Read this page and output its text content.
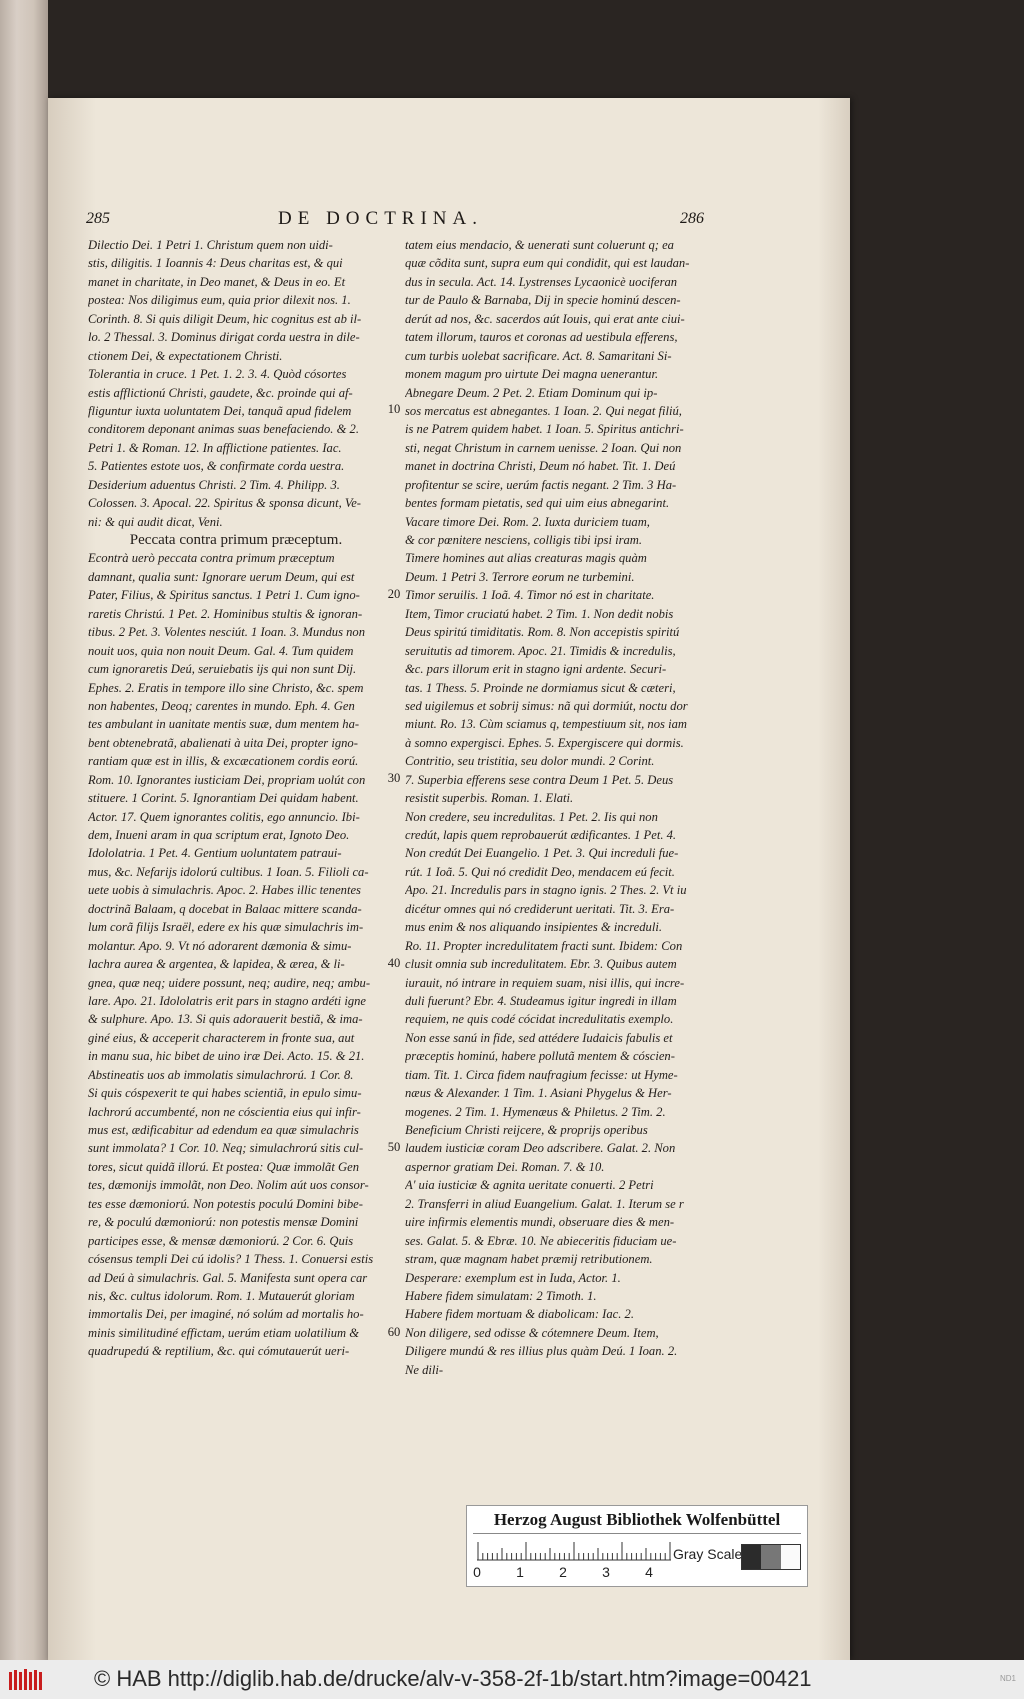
285	DE DOCTRINA.	286
Dilectio Dei. 1 Petri 1. Christum quem non uidi-
stis, diligitis. 1 Ioannis 4: Deus charitas est, & qui
manet in charitate, in Deo manet, & Deus in eo. Et
postea: Nos diligimus eum, quia prior dilexit nos. 1.
Corinth. 8. Si quis diligit Deum, hic cognitus est ab il-
lo. 2 Thessal. 3. Dominus dirigat corda uestra in dile-
ctionem Dei, & expectationem Christi.
Tolerantia in cruce. 1 Pet. 1. 2. 3. 4. Quòd cósortes
estis afflictionú Christi, gaudete, &c. proinde qui af-
fliguntur iuxta uoluntatem Dei, tanquã apud fidelem
conditorem deponant animas suas benefaciendo. & 2.
Petri 1. & Roman. 12. In afflictione patientes. Iac.
5. Patientes estote uos, & confirmate corda uestra.
Desiderium aduentus Christi. 2 Tim. 4. Philipp. 3.
Colossen. 3. Apocal. 22. Spiritus & sponsa dicunt, Ve-
ni: & qui audit dicat, Veni.
Peccata contra primum præceptum.
Econtrà uerò peccata contra primum præceptum
damnant, qualia sunt: Ignorare uerum Deum, qui est
Pater, Filius, & Spiritus sanctus. 1 Petri 1. Cum igno-
raretis Christú. 1 Pet. 2. Hominibus stultis & ignoran-
tibus. 2 Pet. 3. Volentes nesciút. 1 Ioan. 3. Mundus non
nouit uos, quia non nouit Deum. Gal. 4. Tum quidem
cum ignoraretis Deú, seruiebatis ijs qui non sunt Dij.
Ephes. 2. Eratis in tempore illo sine Christo, &c. spem
non habentes, Deoq; carentes in mundo. Eph. 4. Gen
tes ambulant in uanitate mentis suæ, dum mentem ha-
bent obtenebratã, abalienati à uita Dei, propter igno-
rantiam quæ est in illis, & excæcationem cordis eorú.
Rom. 10. Ignorantes iusticiam Dei, propriam uolút con
stituere. 1 Corint. 5. Ignorantiam Dei quidam habent.
Actor. 17. Quem ignorantes colitis, ego annuncio. Ibi-
dem, Inueni aram in qua scriptum erat, Ignoto Deo.
Idololatria. 1 Pet. 4. Gentium uoluntatem patraui-
mus, &c. Nefarijs idolorú cultibus. 1 Ioan. 5. Filioli ca-
uete uobis à simulachris. Apoc. 2. Habes illic tenentes
doctrinã Balaam, q docebat in Balaac mittere scanda-
lum corã filijs Israël, edere ex his quæ simulachris im-
molantur. Apo. 9. Vt nó adorarent dæmonia & simu-
lachra aurea & argentea, & lapidea, & ærea, & li-
gnea, quæ neq; uidere possunt, neq; audire, neq; ambu-
lare. Apo. 21. Idololatris erit pars in stagno ardéti igne
& sulphure. Apo. 13. Si quis adorauerit bestiã, & ima-
giné eius, & acceperit characterem in fronte sua, aut
in manu sua, hic bibet de uino iræ Dei. Acto. 15. & 21.
Abstineatis uos ab immolatis simulachrorú. 1 Cor. 8.
Si quis cóspexerit te qui habes scientiã, in epulo simu-
lachrorú accumbenté, non ne cóscientia eius qui infir-
mus est, ædificabitur ad edendum ea quæ simulachris
sunt immolata? 1 Cor. 10. Neq; simulachrorú sitis cul-
tores, sicut quidã illorú. Et postea: Quæ immolãt Gen
tes, dæmonijs immolãt, non Deo. Nolim aút uos consor-
tes esse dæmoniorú. Non potestis poculú Domini bibe-
re, & poculú dæmoniorú: non potestis mensæ Domini
participes esse, & mensæ dæmoniorú. 2 Cor. 6. Quis
cósensus templi Dei cú idolis? 1 Thess. 1. Conuersi estis
ad Deú à simulachris. Gal. 5. Manifesta sunt opera car
nis, &c. cultus idolorum. Rom. 1. Mutauerút gloriam
immortalis Dei, per imaginé, nó solúm ad mortalis ho-
minis similitudiné effictam, uerúm etiam uolatilium &
quadrupedú & reptilium, &c. qui cómutauerút ueri-
10
20
30
40
50
60
tatem eius mendacio, & uenerati sunt coluerunt q; ea
quæ cõdita sunt, supra eum qui condidit, qui est laudan-
dus in secula. Act. 14. Lystrenses Lycaonicè uociferan
tur de Paulo & Barnaba, Dij in specie hominú descen-
derút ad nos, &c. sacerdos aút Iouis, qui erat ante ciui-
tatem illorum, tauros et coronas ad uestibula efferens,
cum turbis uolebat sacrificare. Act. 8. Samaritani Si-
monem magum pro uirtute Dei magna uenerantur.
Abnegare Deum. 2 Pet. 2. Etiam Dominum qui ip-
sos mercatus est abnegantes. 1 Ioan. 2. Qui negat filiú,
is ne Patrem quidem habet. 1 Ioan. 5. Spiritus antichri-
sti, negat Christum in carnem uenisse. 2 Ioan. Qui non
manet in doctrina Christi, Deum nó habet. Tit. 1. Deú
profitentur se scire, uerúm factis negant. 2 Tim. 3 Ha-
bentes formam pietatis, sed qui uim eius abnegarint.
Vacare timore Dei. Rom. 2. Iuxta duriciem tuam,
& cor pœnitere nesciens, colligis tibi ipsi iram.
Timere homines aut alias creaturas magis quàm
Deum. 1 Petri 3. Terrore eorum ne turbemini.
Timor seruilis. 1 Ioã. 4. Timor nó est in charitate.
Item, Timor cruciatú habet. 2 Tim. 1. Non dedit nobis
Deus spiritú timiditatis. Rom. 8. Non accepistis spiritú
seruitutis ad timorem. Apoc. 21. Timidis & incredulis,
&c. pars illorum erit in stagno igni ardente. Securi-
tas. 1 Thess. 5. Proinde ne dormiamus sicut & cæteri,
sed uigilemus et sobrij simus: nã qui dormiút, noctu dor
miunt. Ro. 13. Cùm sciamus q, tempestiuum sit, nos iam
à somno expergisci. Ephes. 5. Expergiscere qui dormis.
Contritio, seu tristitia, seu dolor mundi. 2 Corint.
7. Superbia efferens sese contra Deum 1 Pet. 5. Deus
resistit superbis. Roman. 1. Elati.
Non credere, seu incredulitas. 1 Pet. 2. Iis qui non
credút, lapis quem reprobauerút ædificantes. 1 Pet. 4.
Non credút Dei Euangelio. 1 Pet. 3. Qui increduli fue-
rút. 1 Ioã. 5. Qui nó credidit Deo, mendacem eú fecit.
Apo. 21. Incredulis pars in stagno ignis. 2 Thes. 2. Vt iu
dicétur omnes qui nó crediderunt ueritati. Tit. 3. Era-
mus enim & nos aliquando insipientes & increduli.
Ro. 11. Propter incredulitatem fracti sunt. Ibidem: Con
clusit omnia sub incredulitatem. Ebr. 3. Quibus autem
iurauit, nó intrare in requiem suam, nisi illis, qui incre-
duli fuerunt? Ebr. 4. Studeamus igitur ingredi in illam
requiem, ne quis codé cócidat incredulitatis exemplo.
Non esse sanú in fide, sed attédere Iudaicis fabulis et
præceptis hominú, habere pollutã mentem & cóscien-
tiam. Tit. 1. Circa fidem naufragium fecisse: ut Hyme-
næus & Alexander. 1 Tim. 1. Asiani Phygelus & Her-
mogenes. 2 Tim. 1. Hymenæus & Philetus. 2 Tim. 2.
Beneficium Christi reijcere, & proprijs operibus
laudem iusticiæ coram Deo adscribere. Galat. 2. Non
aspernor gratiam Dei. Roman. 7. & 10.
A' uia iusticiæ & agnita ueritate conuerti. 2 Petri
2. Transferri in aliud Euangelium. Galat. 1. Iterum se r
uire infirmis elementis mundi, obseruare dies & men-
ses. Galat. 5. & Ebræ. 10. Ne abieceritis fiduciam ue-
stram, quæ magnam habet præmij retributionem.
Desperare: exemplum est in Iuda, Actor. 1.
Habere fidem simulatam: 2 Timoth. 1.
Habere fidem mortuam & diabolicam: Iac. 2.
Non diligere, sed odisse & cótemnere Deum. Item,
Diligere mundú & res illius plus quàm Deú. 1 Ioan. 2.
Ne dili-
Herzog August Bibliothek Wolfenbüttel
0	1	2	3	4
Gray Scale
© HAB http://diglib.hab.de/drucke/alv-v-358-2f-1b/start.htm?image=00421	ND1
